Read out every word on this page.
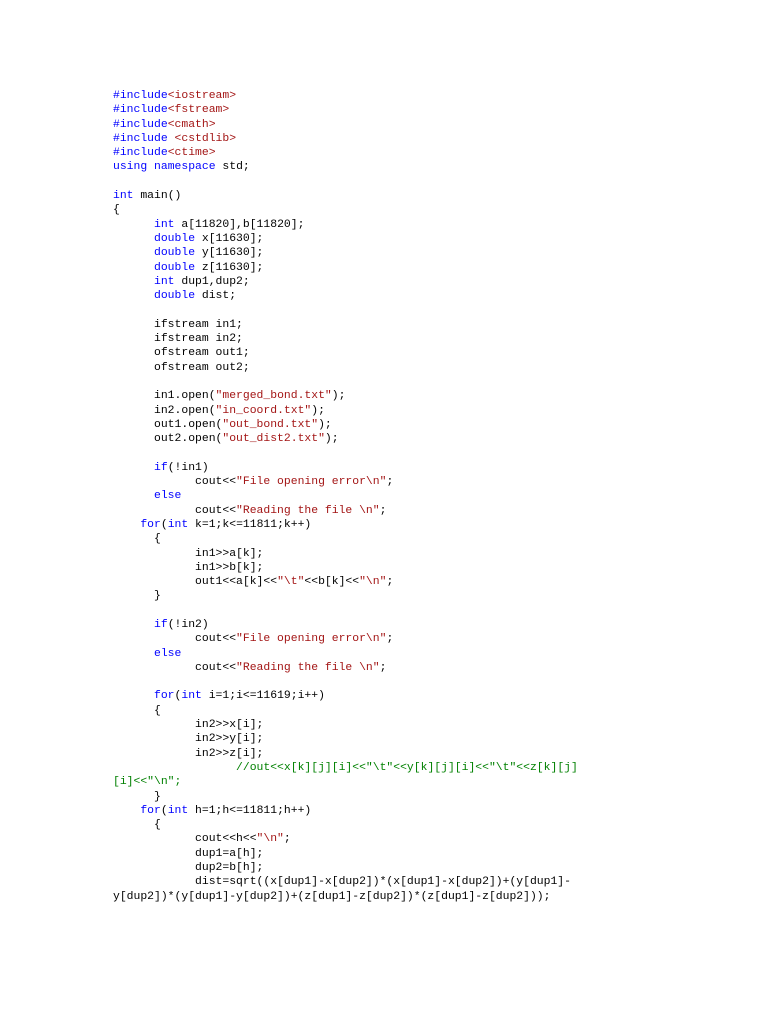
#include<iostream>
#include<fstream>
#include<cmath>
#include <cstdlib>
#include<ctime>
using namespace std;

int main()
{
int a[11820],b[11820];
double x[11630];
double y[11630];
double z[11630];
int dup1,dup2;
double dist;

ifstream in1;
ifstream in2;
ofstream out1;
ofstream out2;

in1.open("merged_bond.txt");
in2.open("in_coord.txt");
out1.open("out_bond.txt");
out2.open("out_dist2.txt");

if(!in1)
cout<<"File opening error\n";
else
cout<<"Reading the file \n";
for(int k=1;k<=11811;k++)
{
in1>>a[k];
in1>>b[k];
out1<<a[k]<<"\t"<<b[k]<<"\n";
}

if(!in2)
cout<<"File opening error\n";
else
cout<<"Reading the file \n";

for(int i=1;i<=11619;i++)
{
in2>>x[i];
in2>>y[i];
in2>>z[i];
//out<<x[k][j][i]<<"\t"<<y[k][j][i]<<"\t"<<z[k][j]
[i]<<"\n";
}
for(int h=1;h<=11811;h++)
{
cout<<h<<"\n";
dup1=a[h];
dup2=b[h];
dist=sqrt((x[dup1]-x[dup2])*(x[dup1]-x[dup2])+(y[dup1]-
y[dup2])*(y[dup1]-y[dup2])+(z[dup1]-z[dup2])*(z[dup1]-z[dup2]));
